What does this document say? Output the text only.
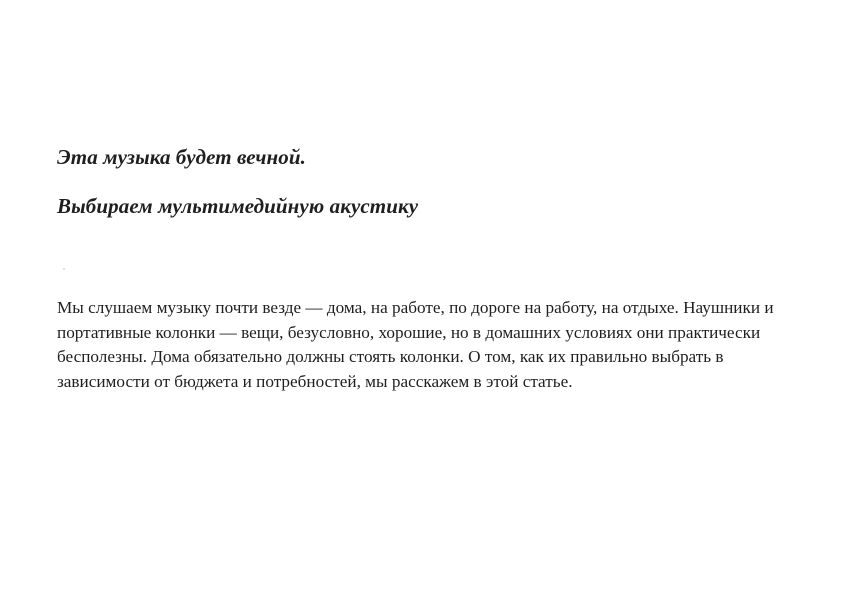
Эта музыка будет вечной.
Выбираем мультимедийную акустику

Мы слушаем музыку почти везде — дома, на работе, по дороге на работу, на отдыхе. Наушники и портативные колонки — вещи, безусловно, хорошие, но в домашних условиях они практически бесполезны. Дома обязательно должны стоять колонки. О том, как их правильно выбрать в зависимости от бюджета и потребностей, мы расскажем в этой статье.
